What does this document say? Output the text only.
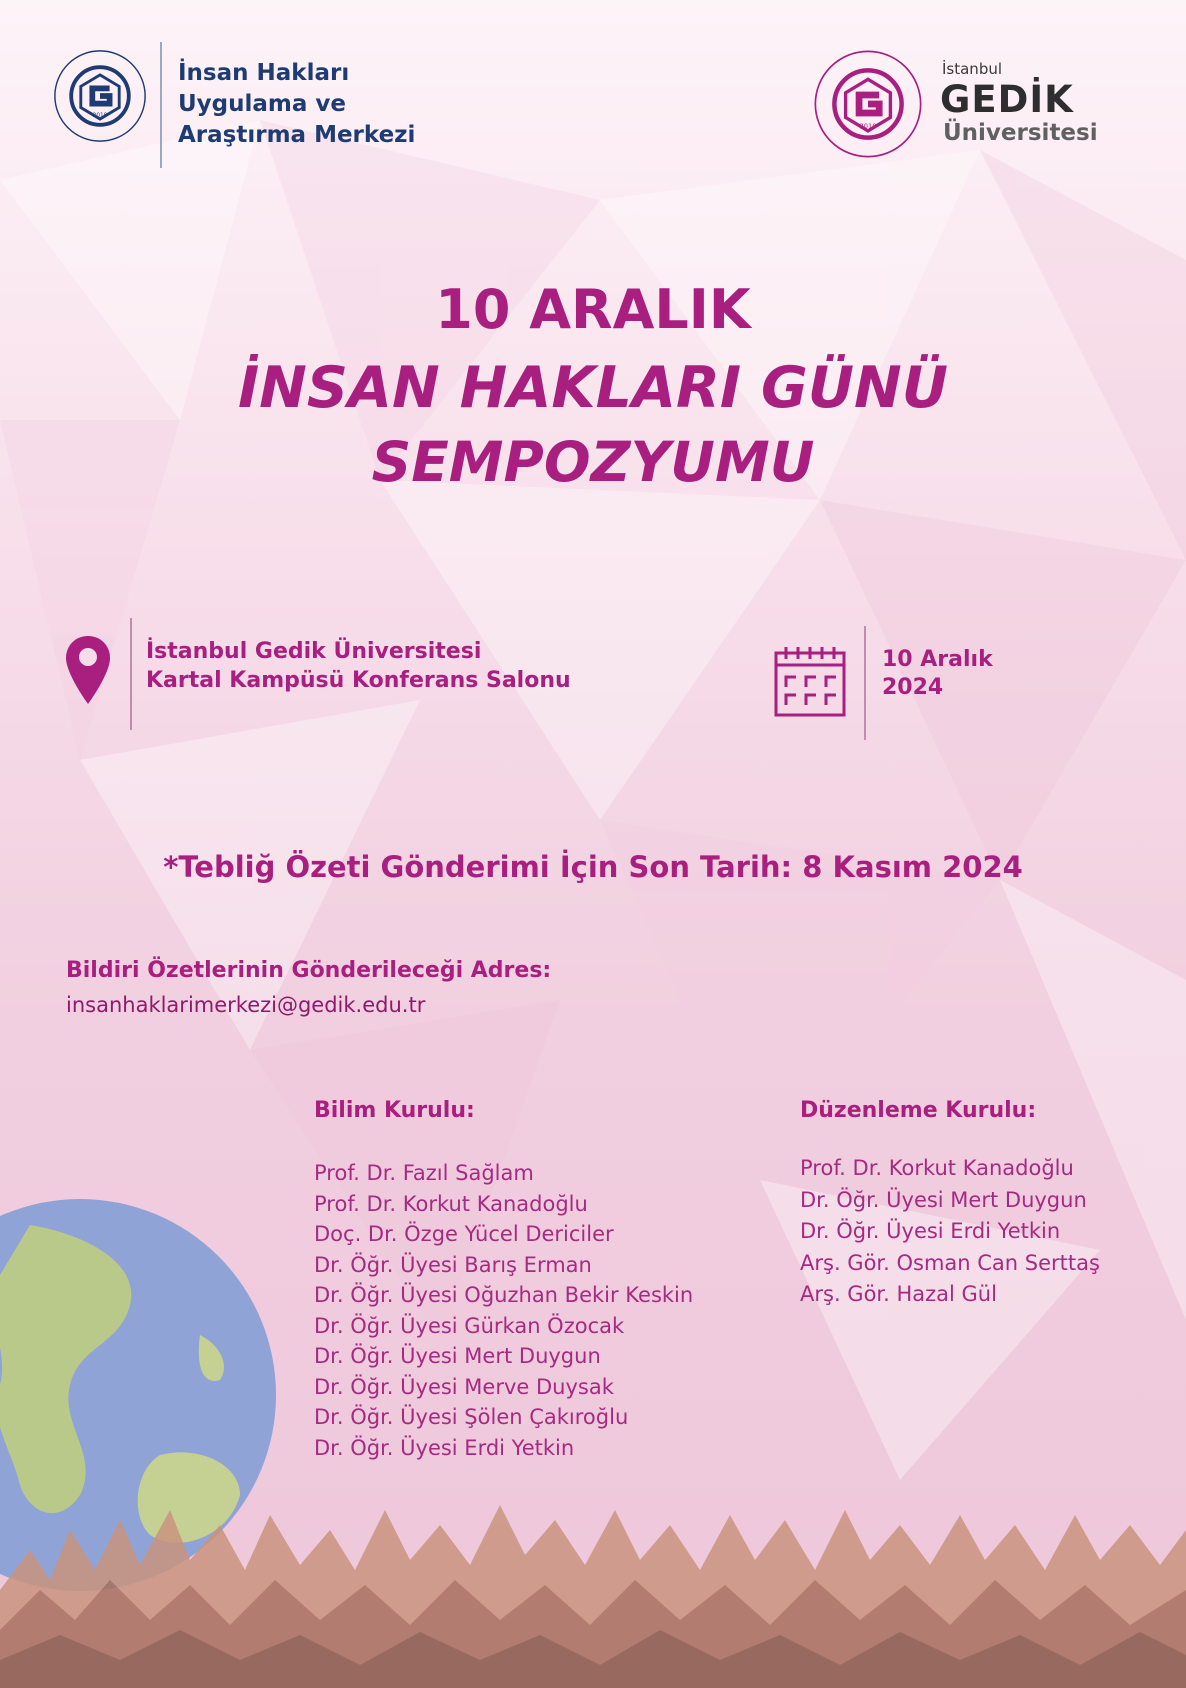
2010
İnsan Hakları
Uygulama ve
Araştırma Merkezi	2010
İstanbul
GEDİK
Üniversitesi
10 ARALIK
İNSAN HAKLARI GÜNÜ
SEMPOZYUMU
İstanbul Gedik Üniversitesi
Kartal Kampüsü Konferans Salonu
10 Aralık
2024
*Tebliğ Özeti Gönderimi İçin Son Tarih: 8 Kasım 2024
Bildiri Özetlerinin Gönderileceği Adres:
insanhaklarimerkezi@gedik.edu.tr
Bilim Kurulu:
Prof. Dr. Fazıl Sağlam
Prof. Dr. Korkut Kanadoğlu
Doç. Dr. Özge Yücel Dericiler
Dr. Öğr. Üyesi Barış Erman
Dr. Öğr. Üyesi Oğuzhan Bekir Keskin
Dr. Öğr. Üyesi Gürkan Özocak
Dr. Öğr. Üyesi Mert Duygun
Dr. Öğr. Üyesi Merve Duysak
Dr. Öğr. Üyesi Şölen Çakıroğlu
Dr. Öğr. Üyesi Erdi Yetkin
Düzenleme Kurulu:
Prof. Dr. Korkut Kanadoğlu
Dr. Öğr. Üyesi Mert Duygun
Dr. Öğr. Üyesi Erdi Yetkin
Arş. Gör. Osman Can Serttaş
Arş. Gör. Hazal Gül
